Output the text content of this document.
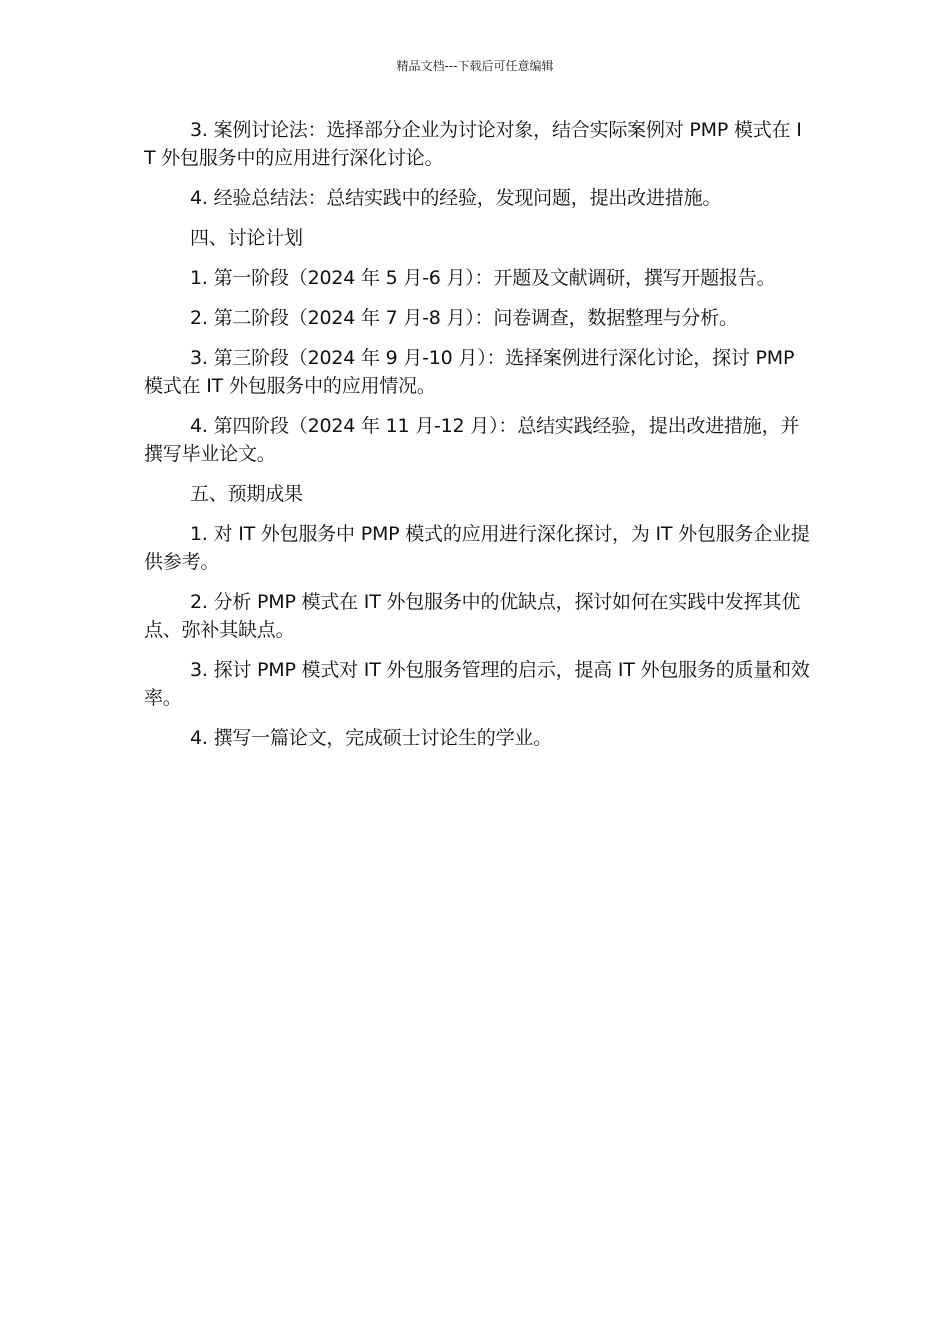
精品文档---下载后可任意编辑

3. 案例讨论法：选择部分企业为讨论对象，结合实际案例对 PMP 模式在 IT 外包服务中的应用进行深化讨论。

4. 经验总结法：总结实践中的经验，发现问题，提出改进措施。

四、讨论计划

1. 第一阶段（2024 年 5 月-6 月）：开题及文献调研，撰写开题报告。

2. 第二阶段（2024 年 7 月-8 月）：问卷调查，数据整理与分析。

3. 第三阶段（2024 年 9 月-10 月）：选择案例进行深化讨论，探讨 PMP 模式在 IT 外包服务中的应用情况。

4. 第四阶段（2024 年 11 月-12 月）：总结实践经验，提出改进措施，并撰写毕业论文。

五、预期成果

1. 对 IT 外包服务中 PMP 模式的应用进行深化探讨，为 IT 外包服务企业提供参考。

2. 分析 PMP 模式在 IT 外包服务中的优缺点，探讨如何在实践中发挥其优点、弥补其缺点。

3. 探讨 PMP 模式对 IT 外包服务管理的启示，提高 IT 外包服务的质量和效率。

4. 撰写一篇论文，完成硕士讨论生的学业。
